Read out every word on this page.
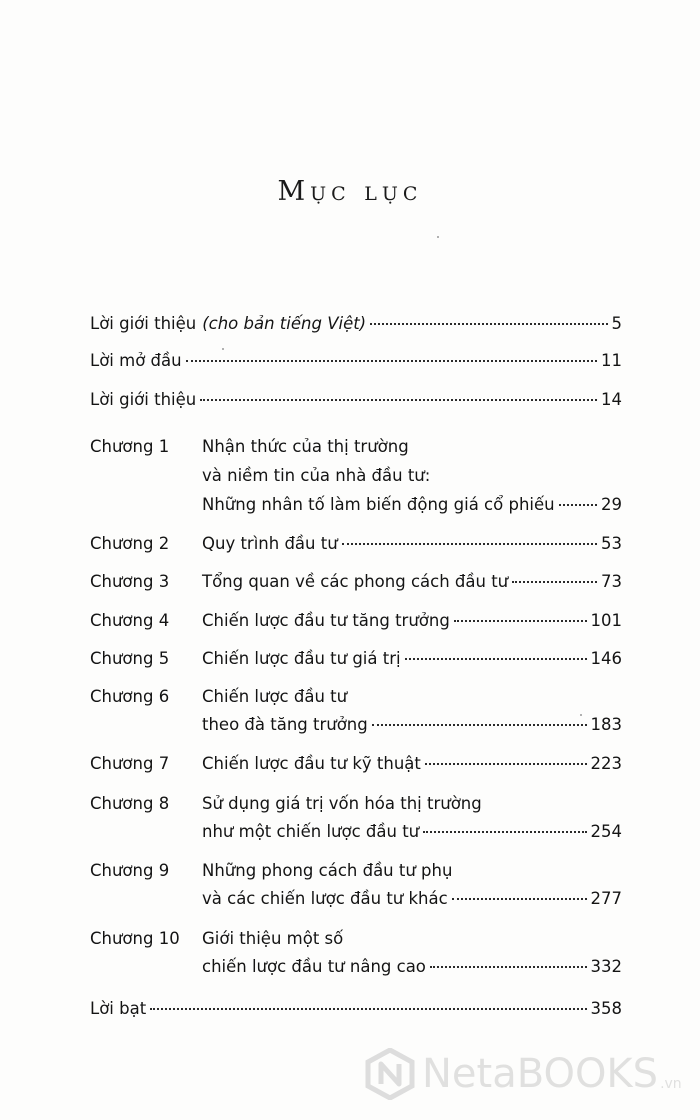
Mục lục
Lời giới thiệu (cho bản tiếng Việt)	5
Lời mở đầu	11
Lời giới thiệu	14
Chương 1 Nhận thức của thị trường
và niềm tin của nhà đầu tư:
Những nhân tố làm biến động giá cổ phiếu	29
Chương 2 Quy trình đầu tư	53
Chương 3 Tổng quan về các phong cách đầu tư	73
Chương 4 Chiến lược đầu tư tăng trưởng	101
Chương 5 Chiến lược đầu tư giá trị	146
Chương 6 Chiến lược đầu tư
theo đà tăng trưởng	183
Chương 7 Chiến lược đầu tư kỹ thuật	223
Chương 8 Sử dụng giá trị vốn hóa thị trường
như một chiến lược đầu tư	254
Chương 9 Những phong cách đầu tư phụ
và các chiến lược đầu tư khác	277
Chương 10 Giới thiệu một số
chiến lược đầu tư nâng cao	332
Lời bạt	358
NetaBOOKS .vn
